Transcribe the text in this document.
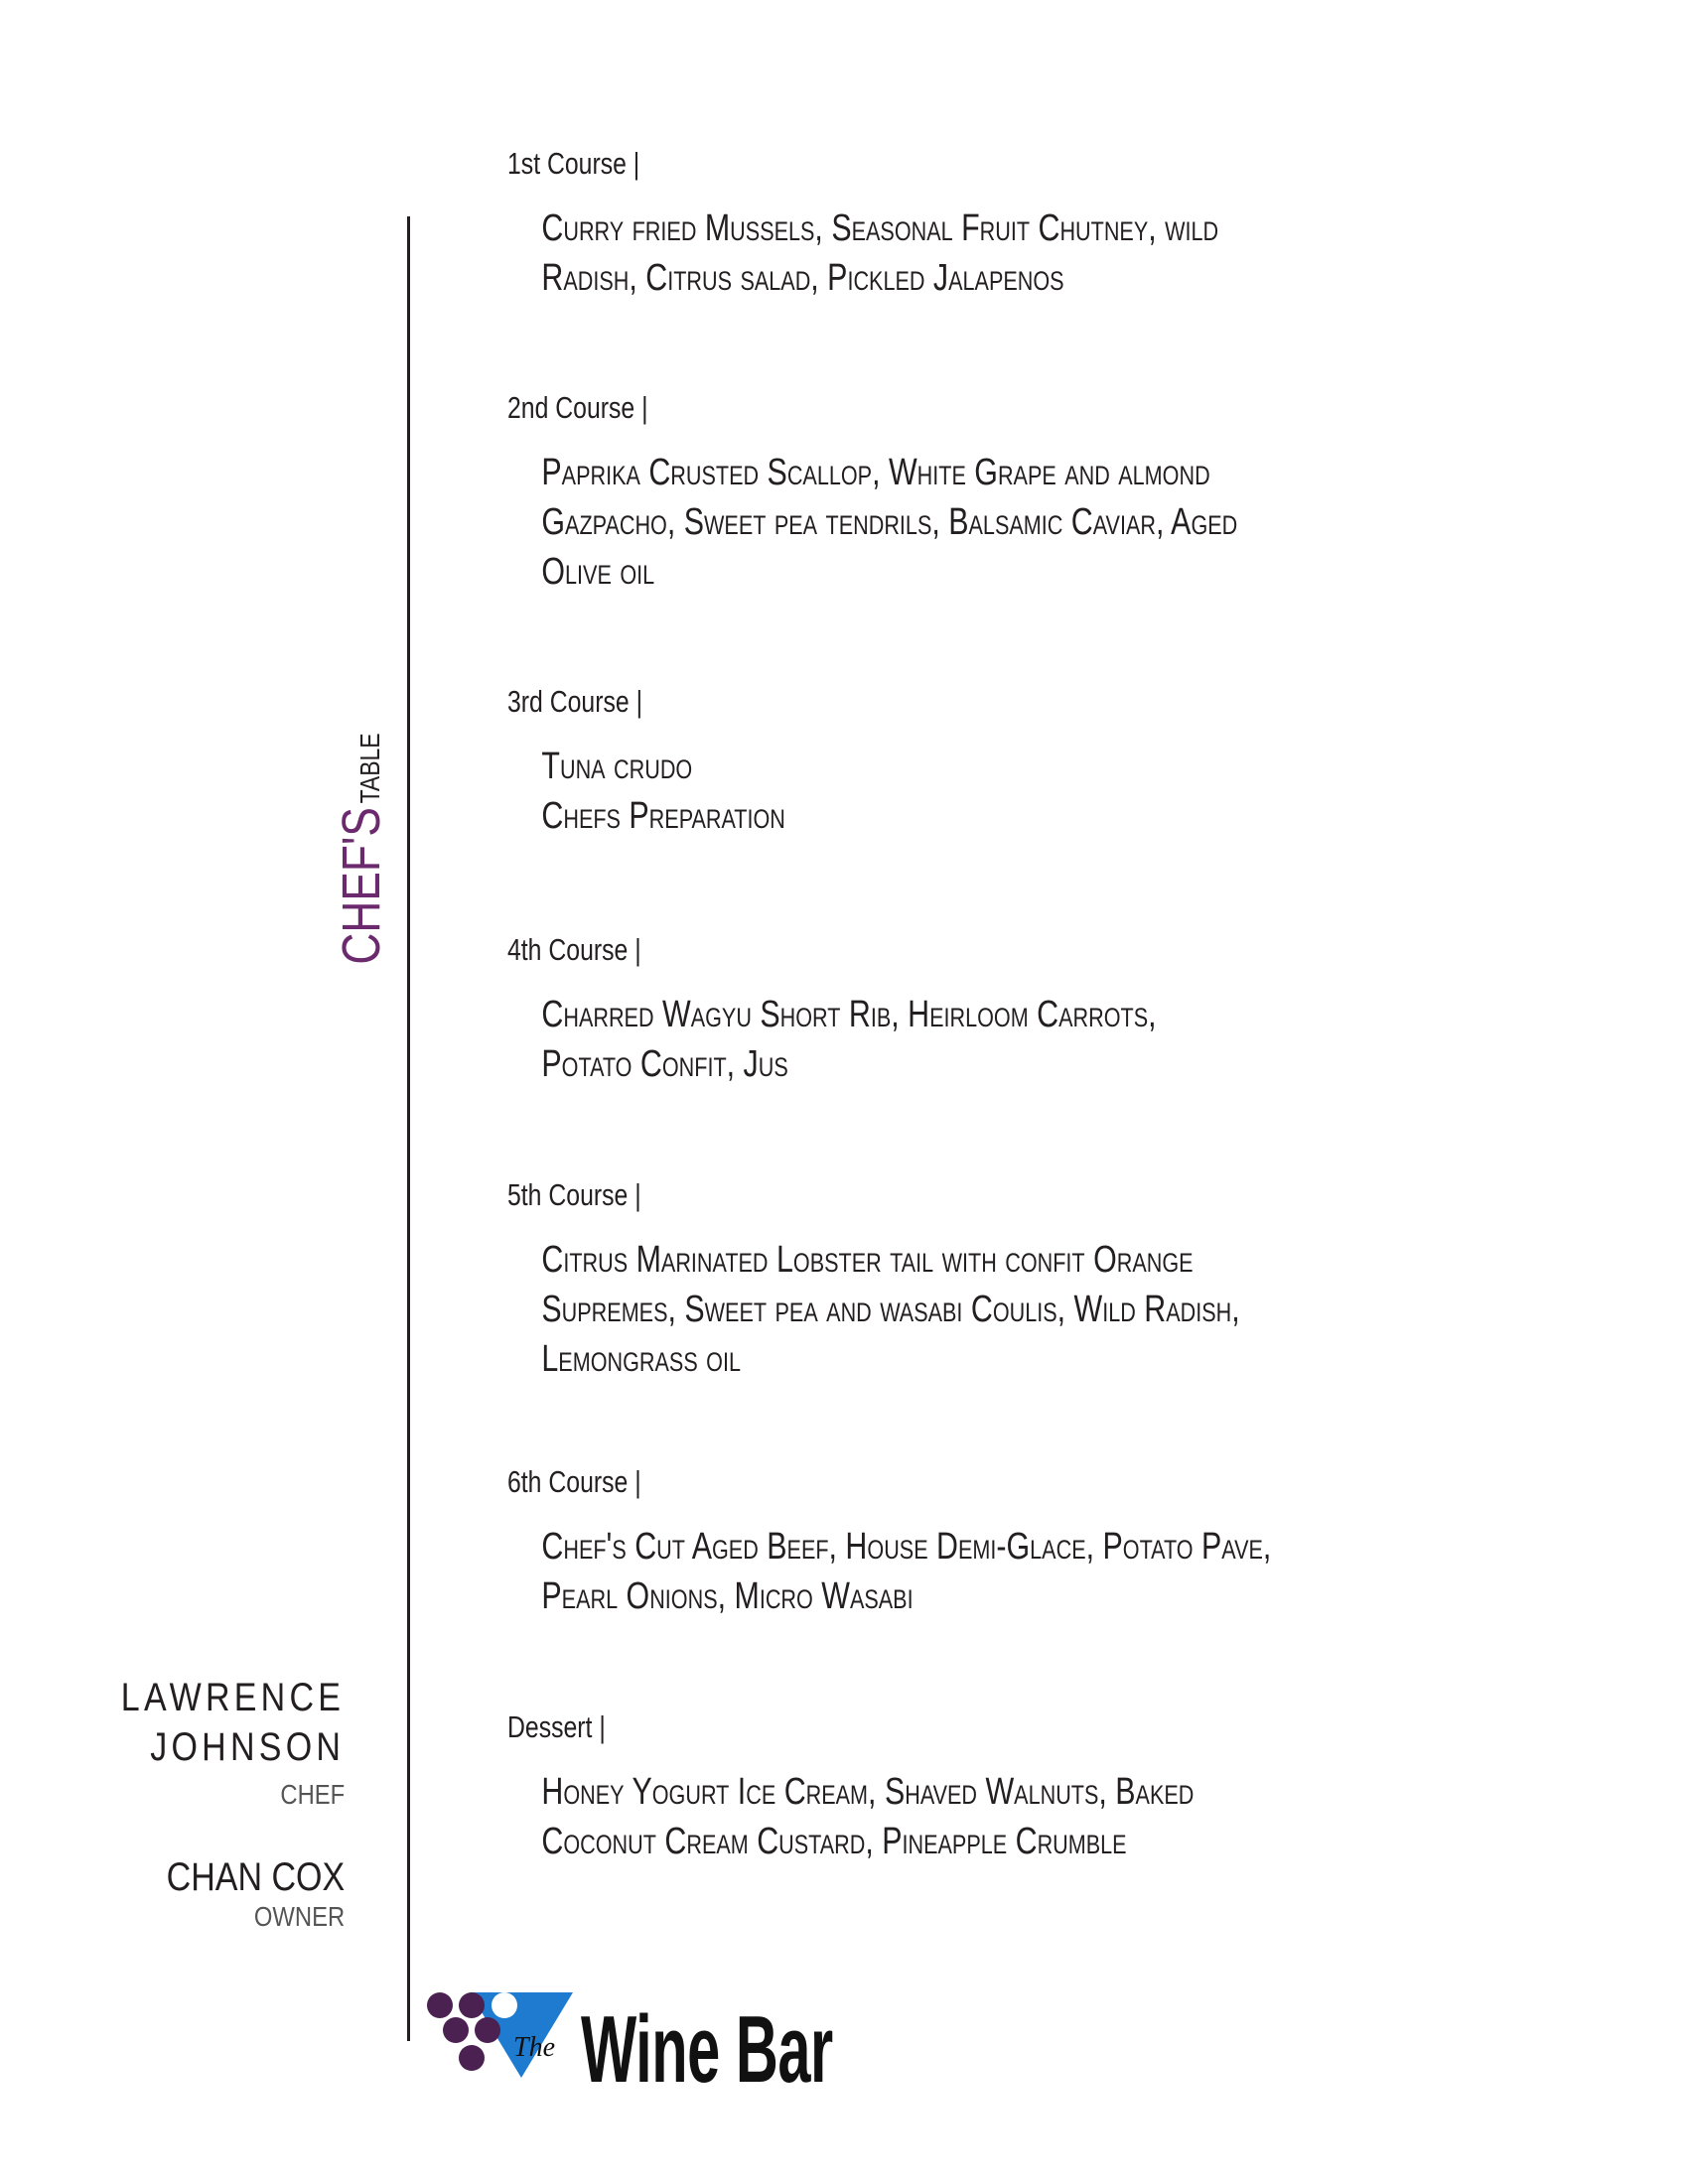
CHEF'S table
1st Course |
Curry fried Mussels, Seasonal Fruit Chutney, wild
Radish, Citrus salad, Pickled Jalapenos
2nd Course |
Paprika Crusted Scallop, White Grape and almond
Gazpacho, Sweet pea tendrils, Balsamic Caviar, Aged
Olive oil
3rd Course |
Tuna crudo
Chefs Preparation
4th Course |
Charred Wagyu Short Rib, Heirloom Carrots,
Potato Confit, Jus
5th Course |
Citrus Marinated Lobster tail with confit Orange
Supremes, Sweet pea and wasabi Coulis, Wild Radish,
Lemongrass oil
6th Course |
Chef's Cut Aged Beef, House Demi-Glace, Potato Pave,
Pearl Onions, Micro Wasabi
Dessert |
Honey Yogurt Ice Cream, Shaved Walnuts, Baked
Coconut Cream Custard, Pineapple Crumble
LAWRENCE
JOHNSON
CHEF
CHAN COX
OWNER
The Wine Bar
